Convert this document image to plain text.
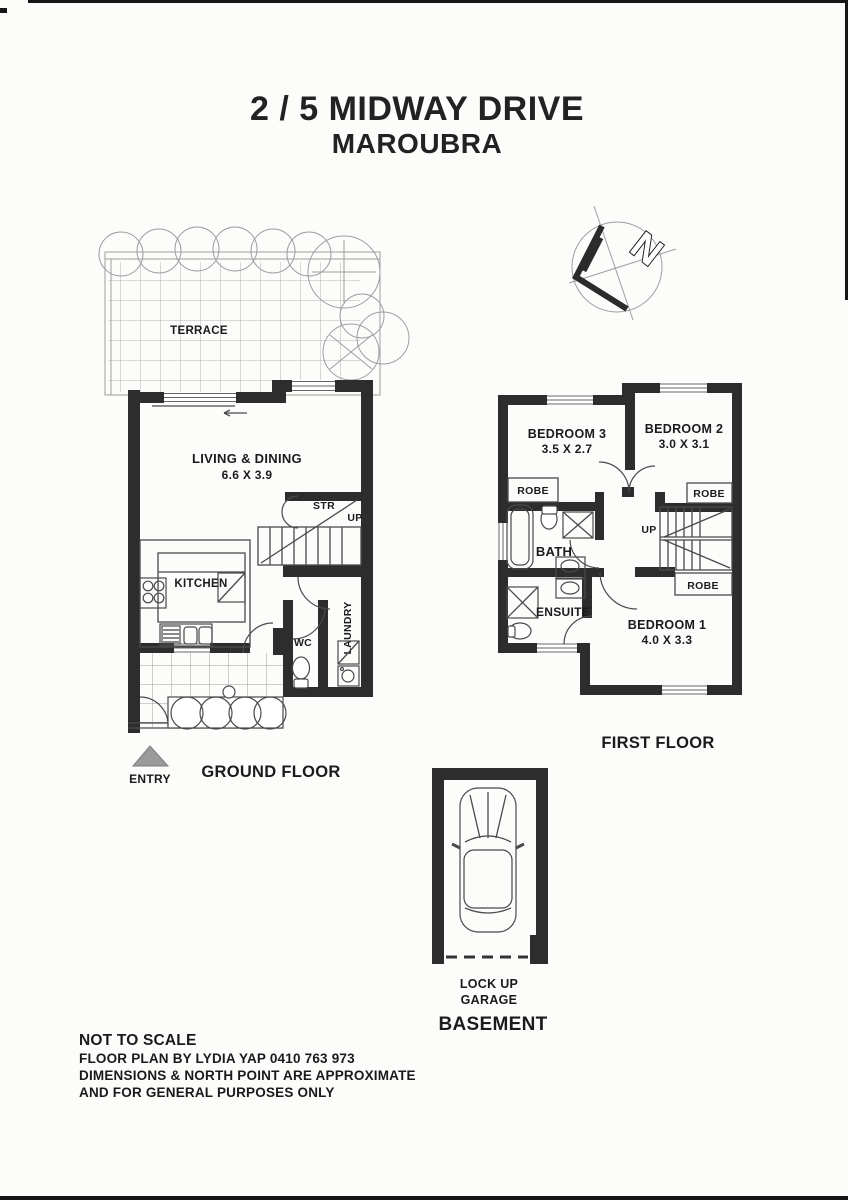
2 / 5 MIDWAY DRIVE
MAROUBRA
N
TERRACE
LIVING & DINING
6.6 X 3.9
STR
UP
KITCHEN
WC	LAUNDRY
ENTRY GROUND FLOOR
BEDROOM 3
3.5 X 2.7
BEDROOM 2
3.0 X 3.1
BEDROOM 1
4.0 X 3.3
ROBE	ROBE
ROBE
BATH
ENSUITE
UP
FIRST FLOOR
LOCK UP
GARAGE
BASEMENT
NOT TO SCALE
FLOOR PLAN BY LYDIA YAP 0410 763 973
DIMENSIONS & NORTH POINT ARE APPROXIMATE
AND FOR GENERAL PURPOSES ONLY
